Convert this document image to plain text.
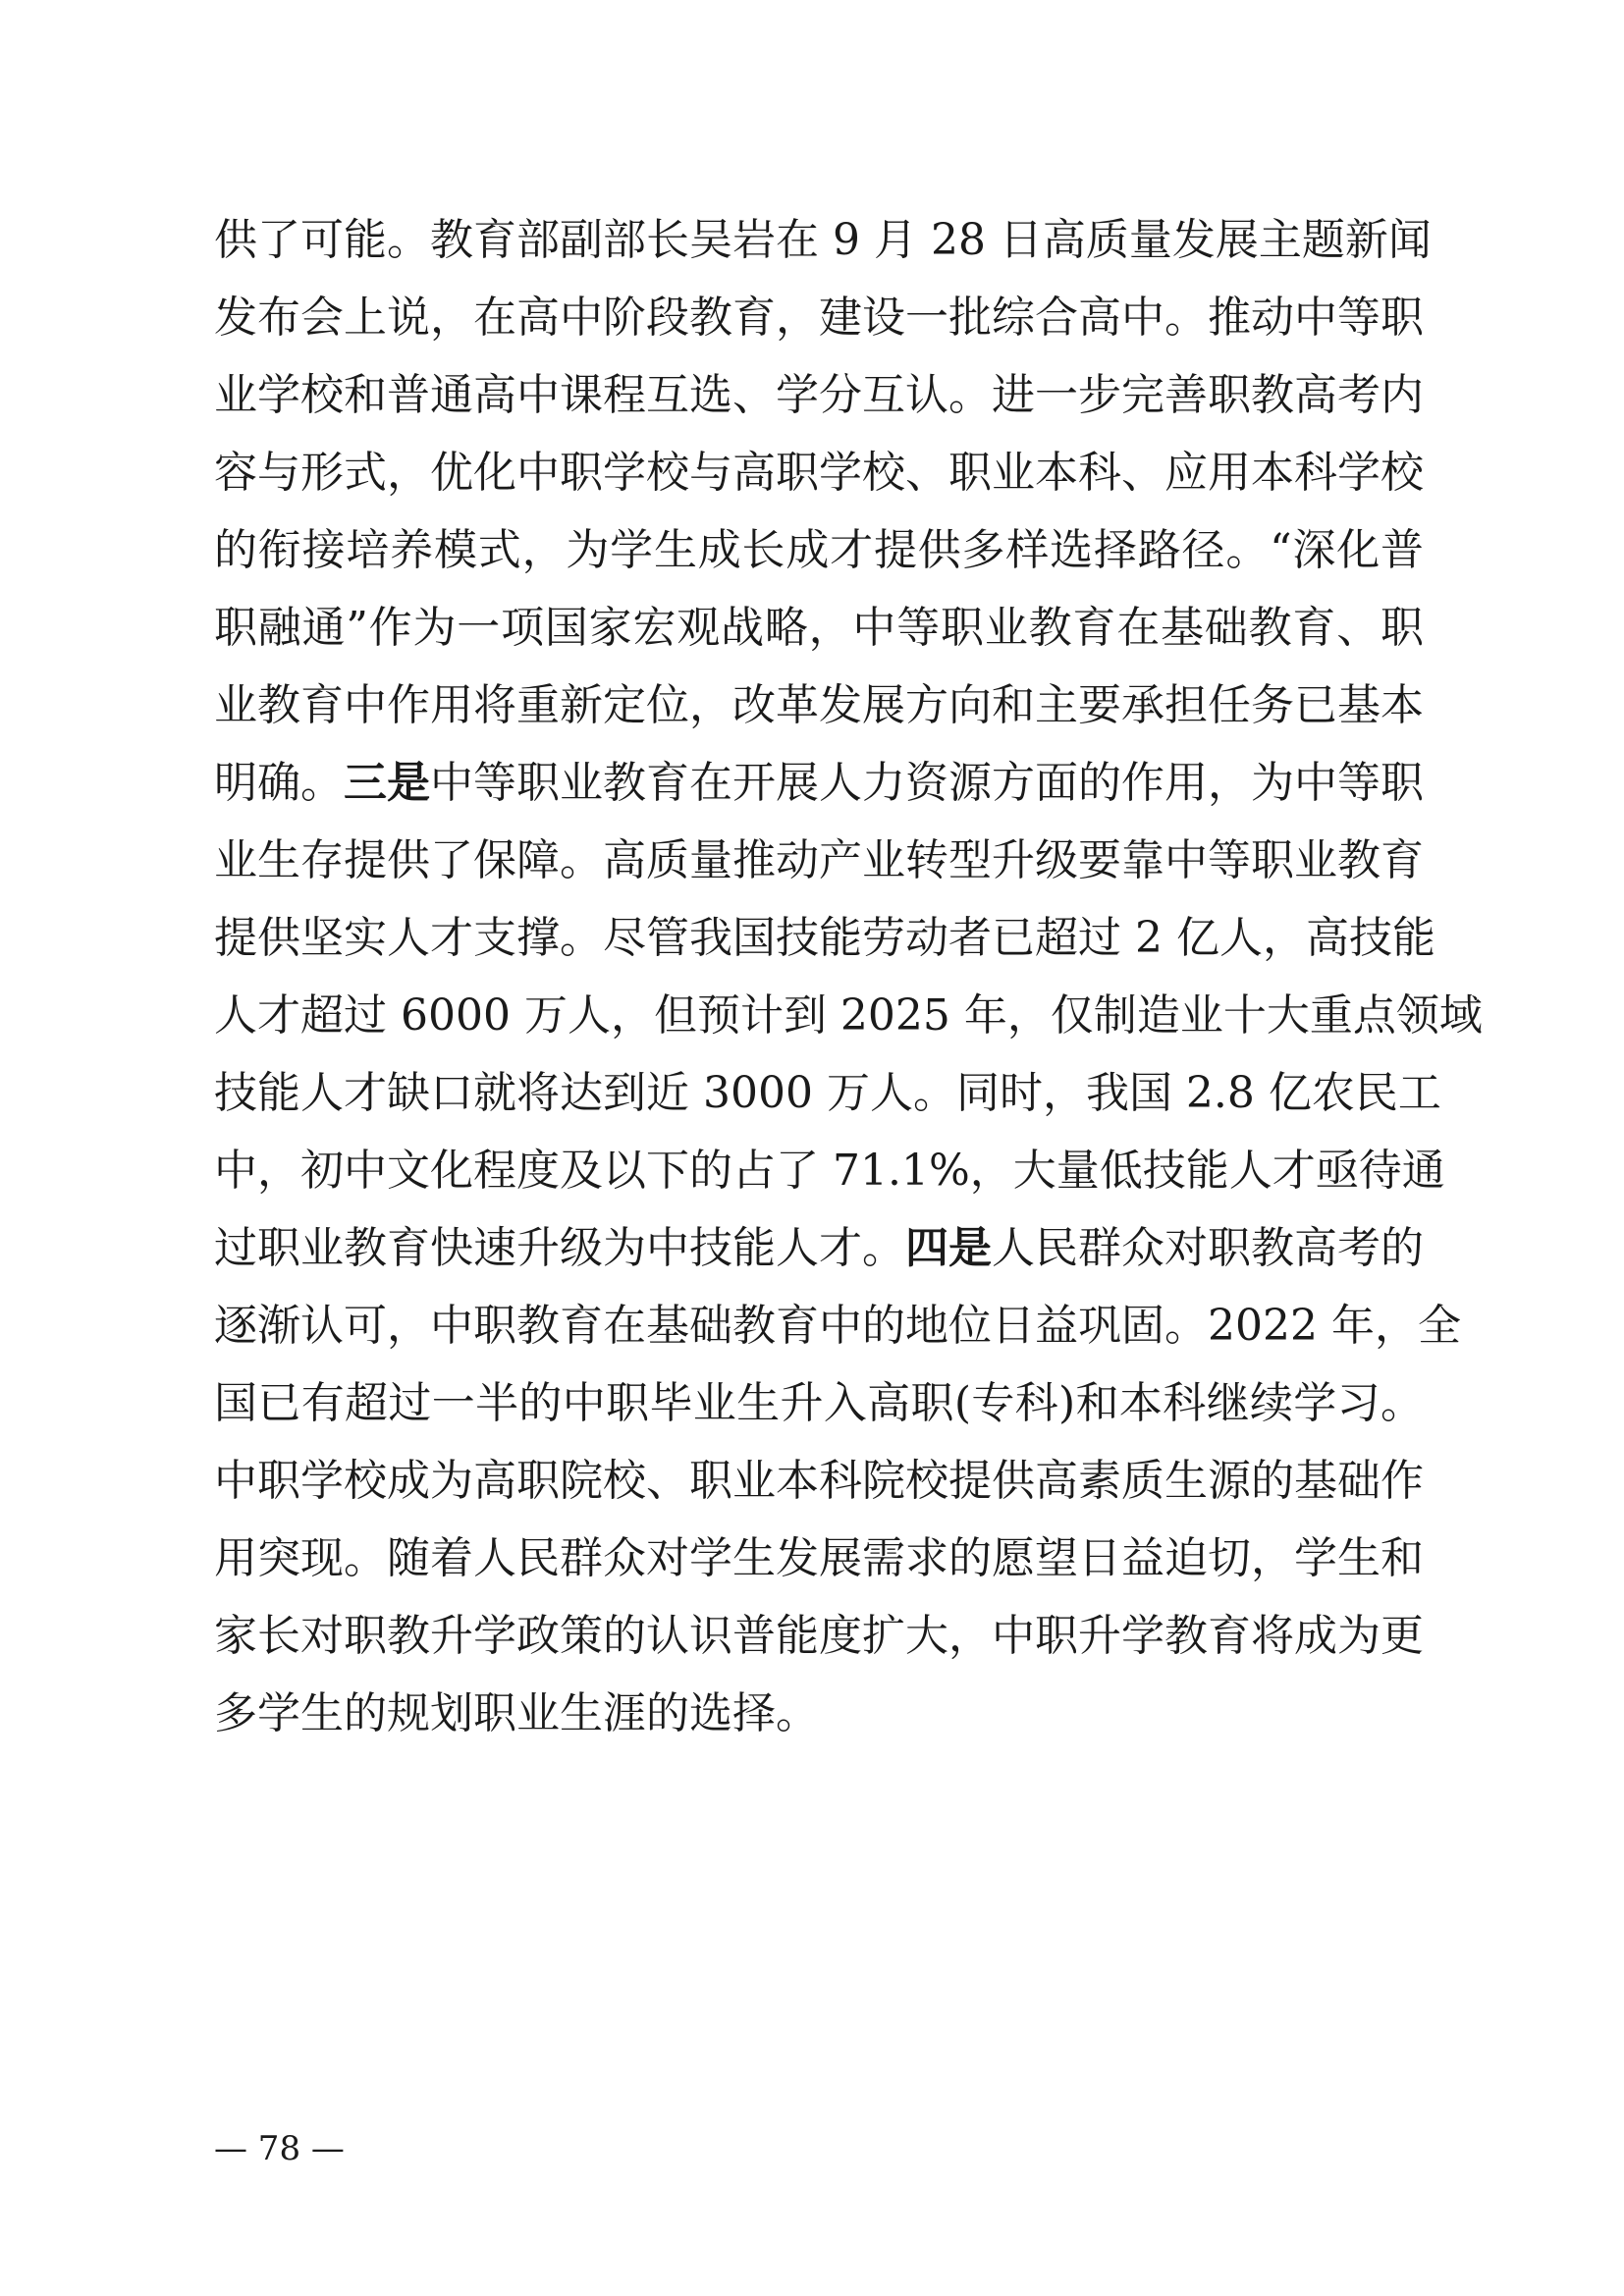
供了可能。教育部副部长吴岩在 9 月 28 日高质量发展主题新闻
发布会上说，在高中阶段教育，建设一批综合高中。推动中等职
业学校和普通高中课程互选、学分互认。进一步完善职教高考内
容与形式，优化中职学校与高职学校、职业本科、应用本科学校
的衔接培养模式，为学生成长成才提供多样选择路径。“深化普
职融通”作为一项国家宏观战略，中等职业教育在基础教育、职
业教育中作用将重新定位，改革发展方向和主要承担任务已基本
明确。三是中等职业教育在开展人力资源方面的作用，为中等职
业生存提供了保障。高质量推动产业转型升级要靠中等职业教育
提供坚实人才支撑。尽管我国技能劳动者已超过 2 亿人，高技能
人才超过 6000 万人，但预计到 2025 年，仅制造业十大重点领域
技能人才缺口就将达到近 3000 万人。同时，我国 2.8 亿农民工
中，初中文化程度及以下的占了 71.1%，大量低技能人才亟待通
过职业教育快速升级为中技能人才。四是人民群众对职教高考的
逐渐认可，中职教育在基础教育中的地位日益巩固。2022 年，全
国已有超过一半的中职毕业生升入高职(专科)和本科继续学习。
中职学校成为高职院校、职业本科院校提供高素质生源的基础作
用突现。随着人民群众对学生发展需求的愿望日益迫切，学生和
家长对职教升学政策的认识普能度扩大，中职升学教育将成为更
多学生的规划职业生涯的选择。
— 78 —
